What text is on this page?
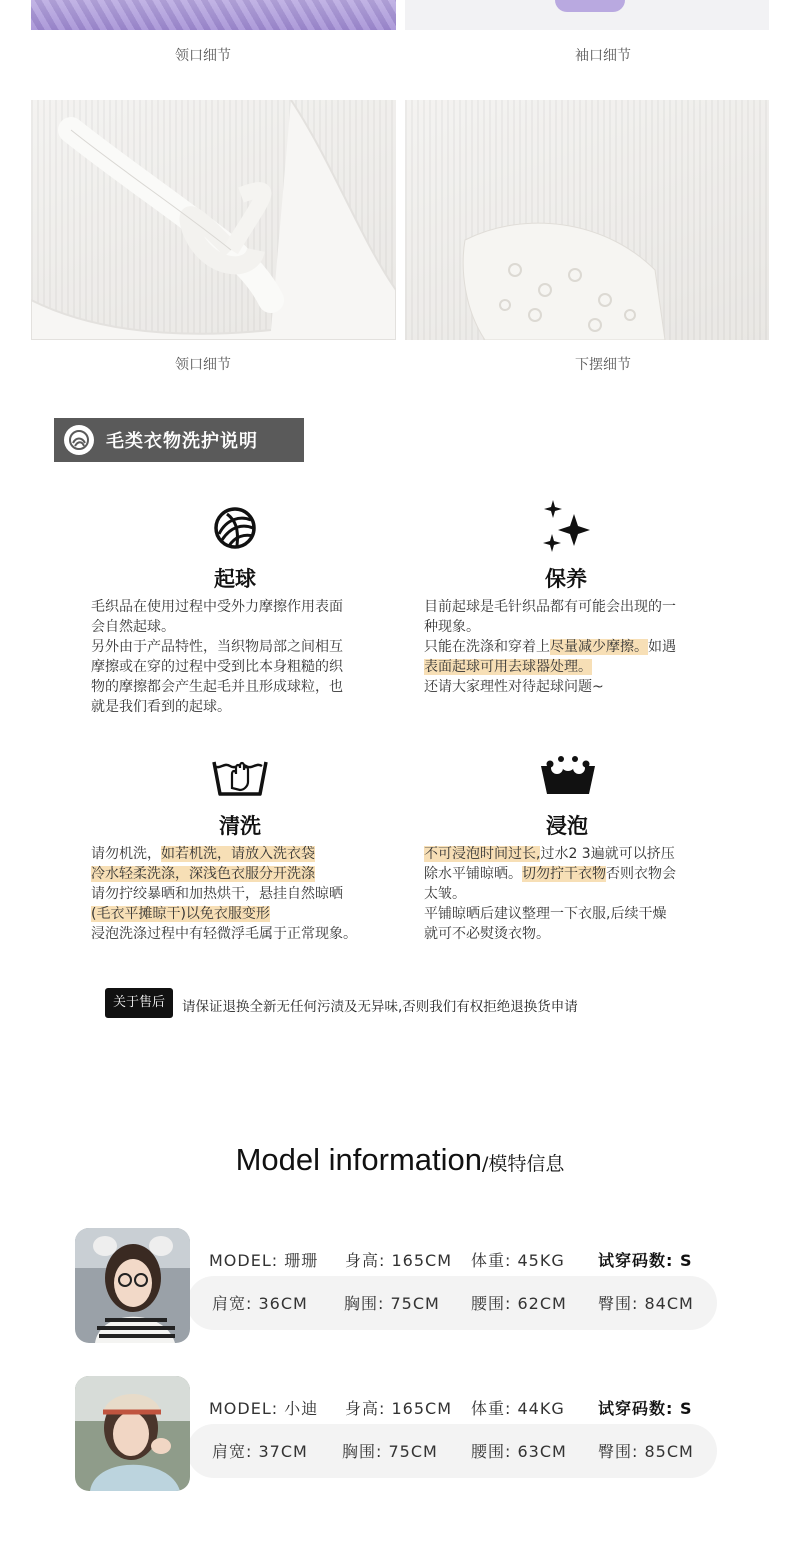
领口细节	袖口细节
领口细节	下摆细节
毛类衣物洗护说明
起球
毛织品在使用过程中受外力摩擦作用表面
会自然起球。
另外由于产品特性，当织物局部之间相互
摩擦或在穿的过程中受到比本身粗糙的织
物的摩擦都会产生起毛并且形成球粒，也
就是我们看到的起球。
保养
目前起球是毛针织品都有可能会出现的一
种现象。
只能在洗涤和穿着上尽量减少摩擦。如遇
表面起球可用去球器处理。
还请大家理性对待起球问题~
清洗
请勿机洗，如若机洗，请放入洗衣袋
冷水轻柔洗涤，深浅色衣服分开洗涤
请勿拧绞暴晒和加热烘干，悬挂自然晾晒
(毛衣平摊晾干)以免衣服变形
浸泡洗涤过程中有轻微浮毛属于正常现象。
浸泡
不可浸泡时间过长,过水2 3遍就可以挤压
除水平铺晾晒。切勿拧干衣物否则衣物会
太皱。
平铺晾晒后建议整理一下衣服,后续干燥
就可不必熨烫衣物。
关于售后	请保证退换全新无任何污渍及无异味,否则我们有权拒绝退换货申请
Model information/模特信息
MODEL: 珊珊 身高: 165CM 体重: 45KG 试穿码数: S
肩宽: 36CM 胸围: 75CM 腰围: 62CM 臀围: 84CM
MODEL: 小迪 身高: 165CM 体重: 44KG 试穿码数: S
肩宽: 37CM 胸围: 75CM 腰围: 63CM 臀围: 85CM
